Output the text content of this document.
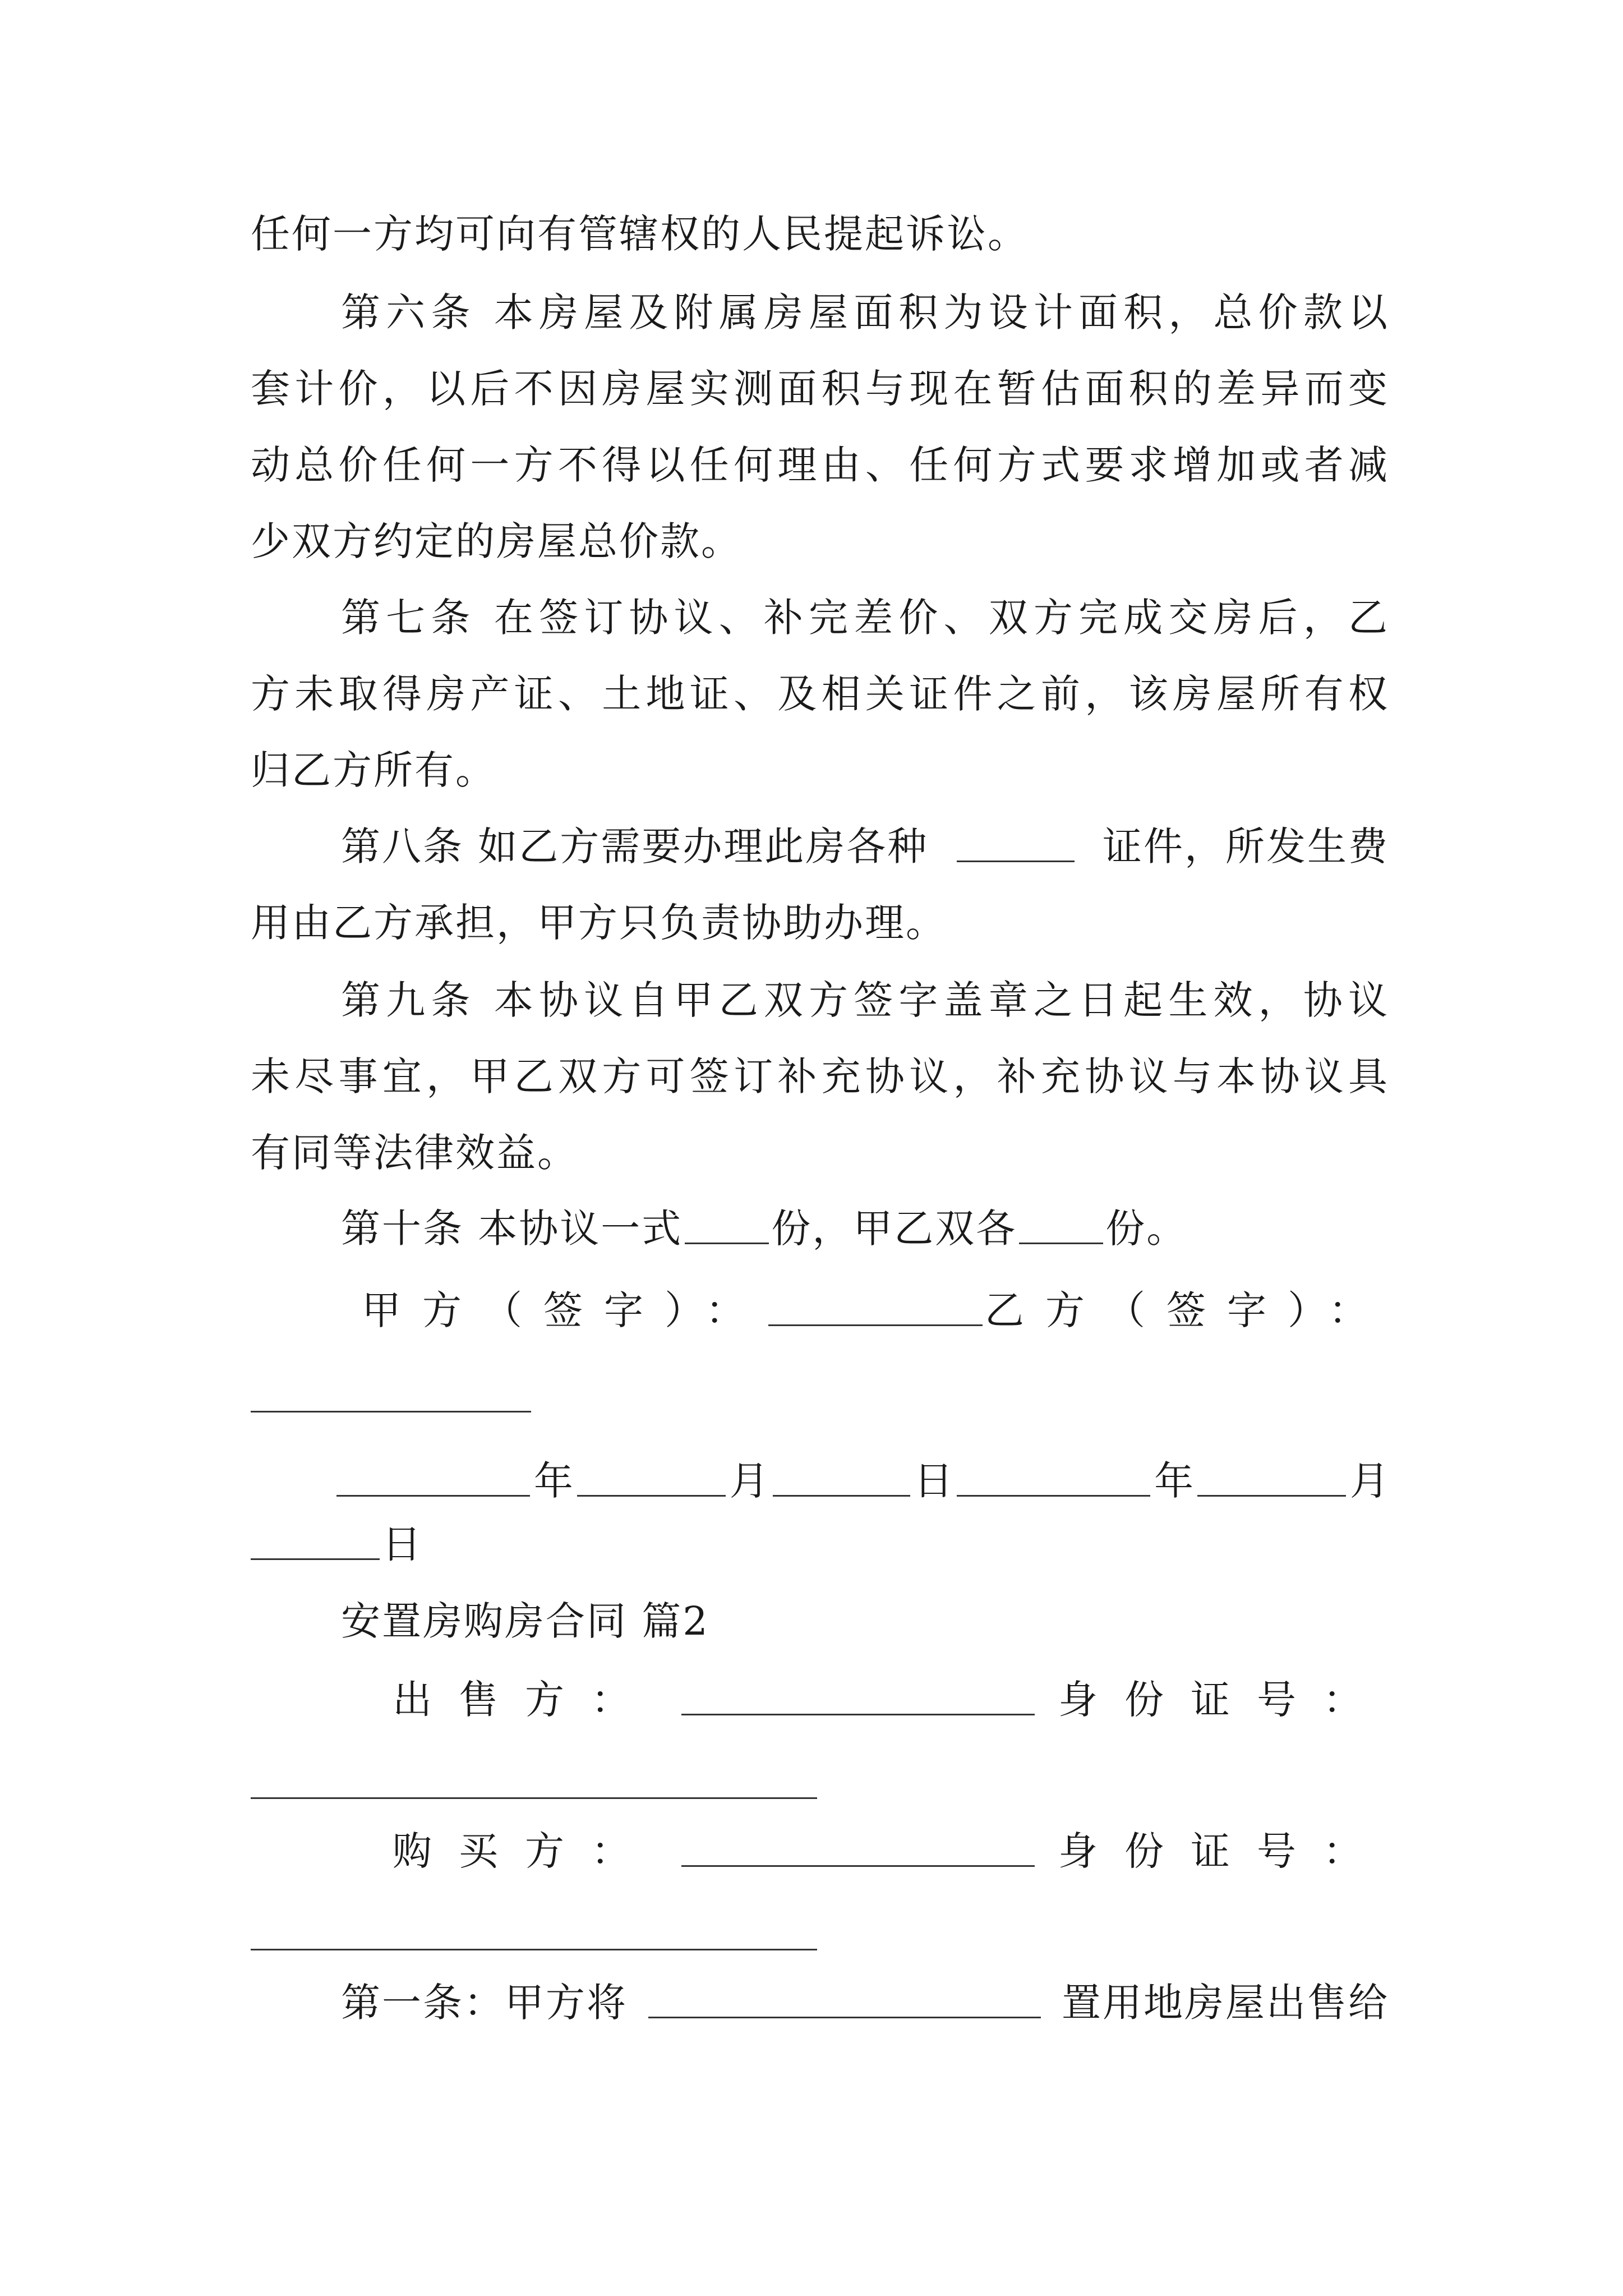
任何一方均可向有管辖权的人民提起诉讼。
第六条 本房屋及附属房屋面积为设计面积，总价款以
套计价，以后不因房屋实测面积与现在暂估面积的差异而变
动总价任何一方不得以任何理由、任何方式要求增加或者减
少双方约定的房屋总价款。
第七条 在签订协议、补完差价、双方完成交房后，乙
方未取得房产证、土地证、及相关证件之前，该房屋所有权
归乙方所有。
第八条 如乙方需要办理此房各种	证件，所发生费
用由乙方承担，甲方只负责协助办理。
第九条 本协议自甲乙双方签字盖章之日起生效，协议
未尽事宜，甲乙双方可签订补充协议，补充协议与本协议具
有同等法律效益。
第十条 本协议一式 份，甲乙双各 份。
甲方（签字）：	乙方（签字）：
年	月	日	年	月
日
安置房购房合同 篇2
出售方：	身份证号：
购买方：	身份证号：
第一条：甲方将	置用地房屋出售给
